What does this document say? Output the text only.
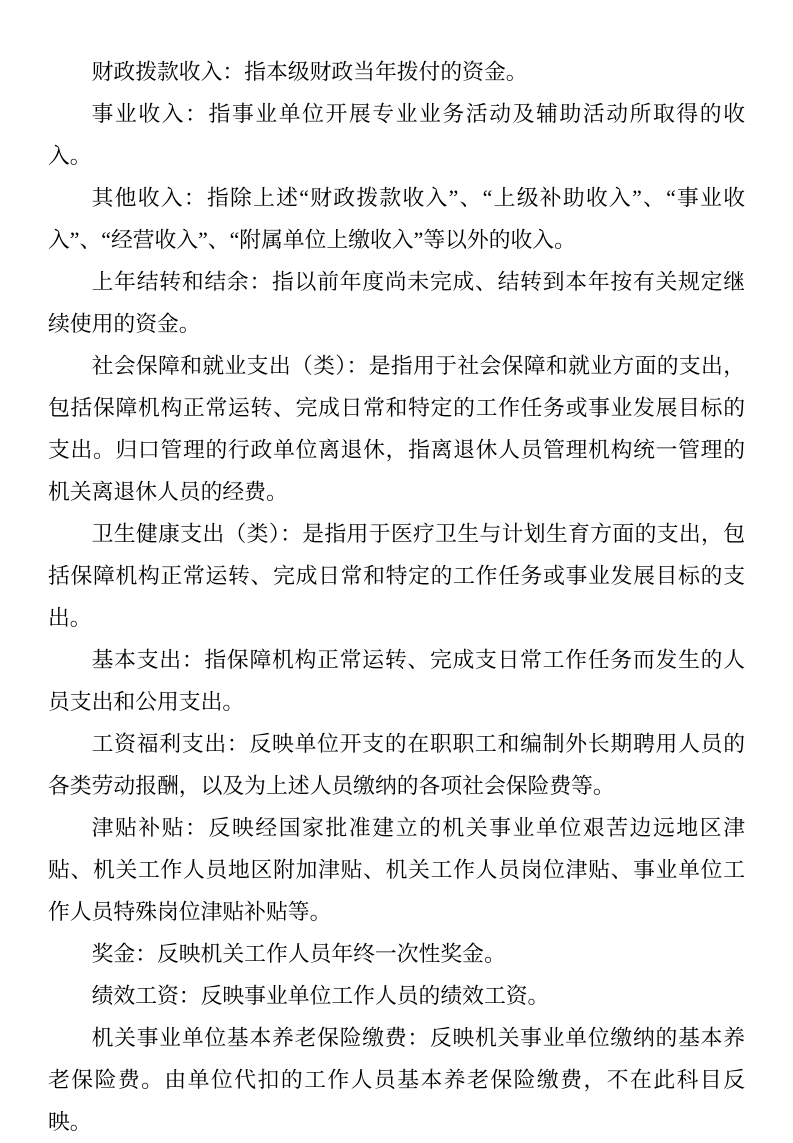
财政拨款收入：指本级财政当年拨付的资金。

事业收入：指事业单位开展专业业务活动及辅助活动所取得的收入。

其他收入：指除上述“财政拨款收入”、“上级补助收入”、“事业收入”、“经营收入”、“附属单位上缴收入”等以外的收入。

上年结转和结余：指以前年度尚未完成、结转到本年按有关规定继续使用的资金。

社会保障和就业支出（类）：是指用于社会保障和就业方面的支出，包括保障机构正常运转、完成日常和特定的工作任务或事业发展目标的支出。归口管理的行政单位离退休，指离退休人员管理机构统一管理的机关离退休人员的经费。

卫生健康支出（类）：是指用于医疗卫生与计划生育方面的支出，包括保障机构正常运转、完成日常和特定的工作任务或事业发展目标的支出。

基本支出：指保障机构正常运转、完成支日常工作任务而发生的人员支出和公用支出。

工资福利支出：反映单位开支的在职职工和编制外长期聘用人员的各类劳动报酬，以及为上述人员缴纳的各项社会保险费等。

津贴补贴：反映经国家批准建立的机关事业单位艰苦边远地区津贴、机关工作人员地区附加津贴、机关工作人员岗位津贴、事业单位工作人员特殊岗位津贴补贴等。

奖金：反映机关工作人员年终一次性奖金。

绩效工资：反映事业单位工作人员的绩效工资。

机关事业单位基本养老保险缴费：反映机关事业单位缴纳的基本养老保险费。由单位代扣的工作人员基本养老保险缴费，不在此科目反映。
